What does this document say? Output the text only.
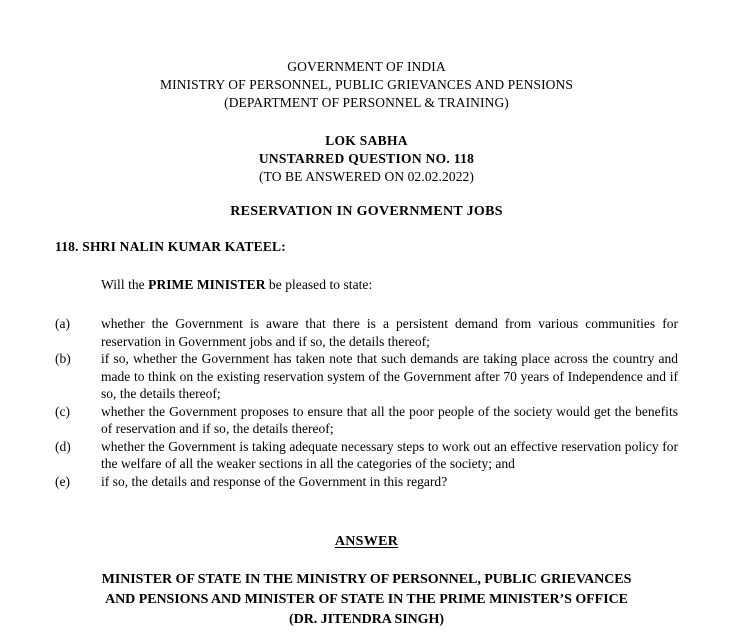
GOVERNMENT OF INDIA
MINISTRY OF PERSONNEL, PUBLIC GRIEVANCES AND PENSIONS
(DEPARTMENT OF PERSONNEL & TRAINING)
LOK SABHA
UNSTARRED QUESTION NO. 118
(TO BE ANSWERED ON 02.02.2022)
RESERVATION IN GOVERNMENT JOBS
118. SHRI NALIN KUMAR KATEEL:
Will the PRIME MINISTER be pleased to state:
(a)	whether the Government is aware that there is a persistent demand from various communities for reservation in Government jobs and if so, the details thereof;
(b)	if so, whether the Government has taken note that such demands are taking place across the country and made to think on the existing reservation system of the Government after 70 years of Independence and if so, the details thereof;
(c)	whether the Government proposes to ensure that all the poor people of the society would get the benefits of reservation and if so, the details thereof;
(d)	whether the Government is taking adequate necessary steps to work out an effective reservation policy for the welfare of all the weaker sections in all the categories of the society; and
(e)	if so, the details and response of the Government in this regard?
ANSWER
MINISTER OF STATE IN THE MINISTRY OF PERSONNEL, PUBLIC GRIEVANCES
AND PENSIONS AND MINISTER OF STATE IN THE PRIME MINISTER’S OFFICE
(DR. JITENDRA SINGH)
